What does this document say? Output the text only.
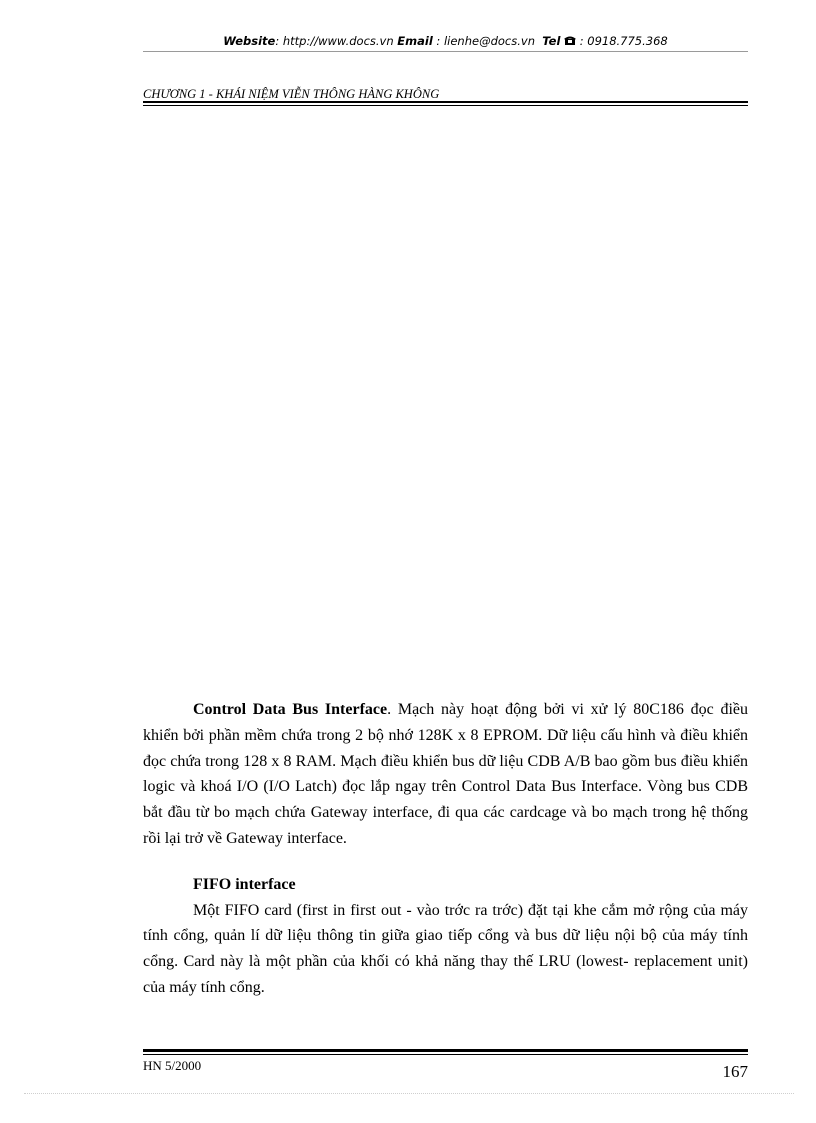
Website: http://www.docs.vn Email : lienhe@docs.vn Tel  : 0918.775.368
CHƯƠNG 1 - KHÁI NIỆM VIỄN THÔNG HÀNG KHÔNG

Control Data Bus Interface. Mạch này hoạt động bởi vi xử lý 80C186 đọc điều khiển bởi phần mềm chứa trong 2 bộ nhớ 128K x 8 EPROM. Dữ liệu cấu hình và điều khiển đọc chứa trong 128 x 8 RAM. Mạch điều khiển bus dữ liệu CDB A/B bao gồm bus điều khiển logic và khoá I/O (I/O Latch) đọc lắp ngay trên Control Data Bus Interface. Vòng bus CDB bắt đầu từ bo mạch chứa Gateway interface, đi qua các cardcage và bo mạch trong hệ thống rồi lại trở về Gateway interface.

FIFO interface

Một FIFO card (first in first out - vào trớc ra trớc) đặt tại khe cắm mở rộng của máy tính cổng, quản lí dữ liệu thông tin giữa giao tiếp cổng và bus dữ liệu nội bộ của máy tính cổng. Card này là một phần của khối có khả năng thay thế LRU (lowest- replacement unit) của máy tính cổng.

HN 5/2000	167
